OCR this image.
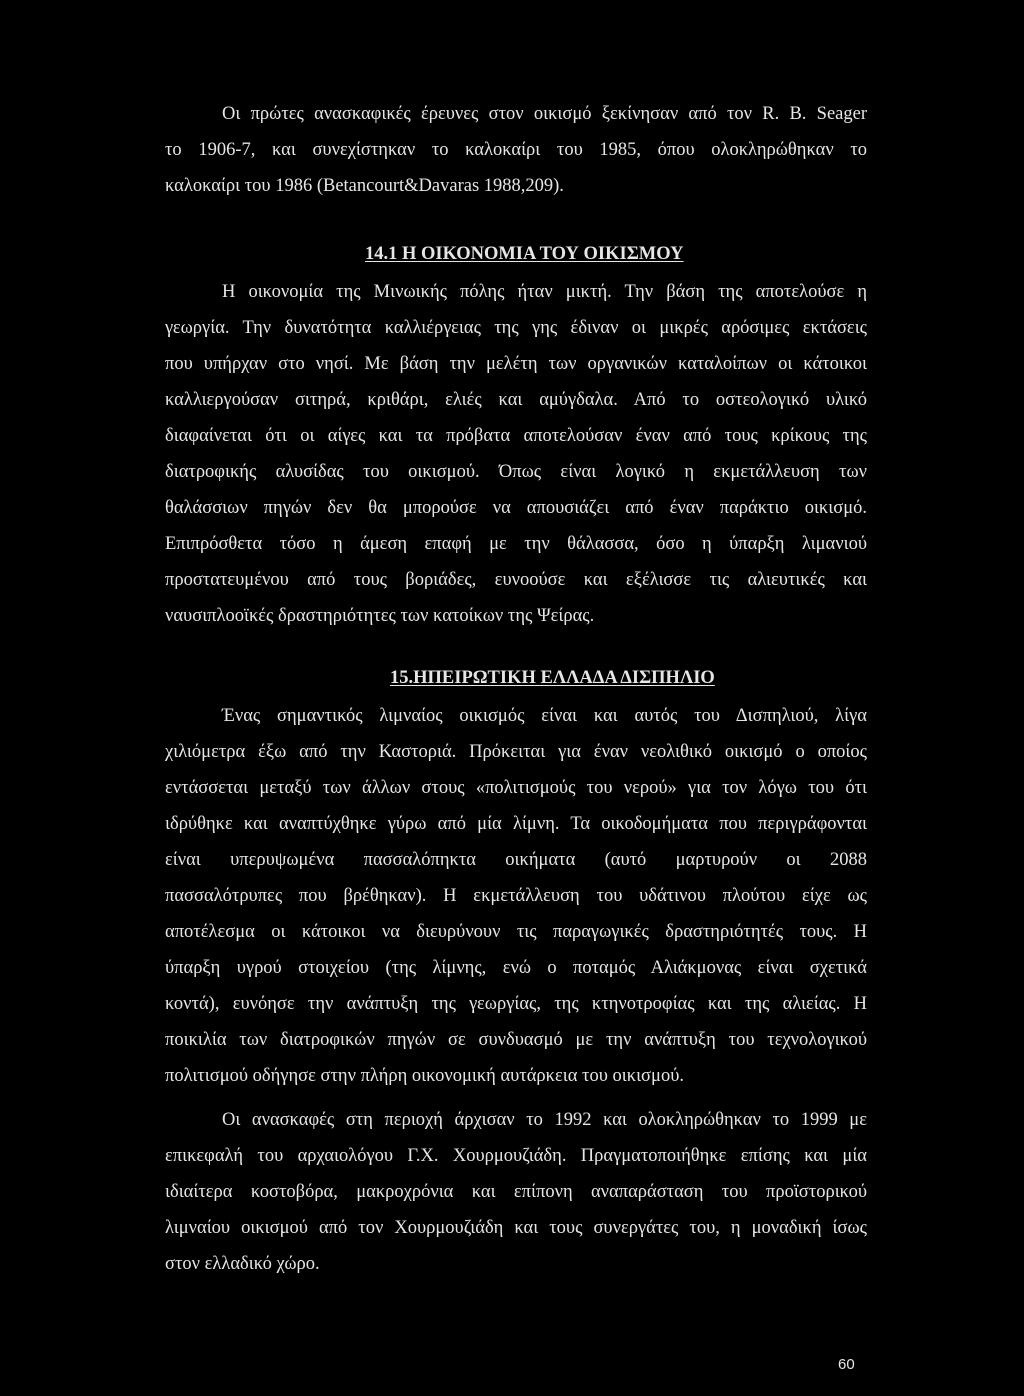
Οι πρώτες ανασκαφικές έρευνες στον οικισμό ξεκίνησαν από τον R. B. Seager
το 1906-7, και συνεχίστηκαν το καλοκαίρι του 1985, όπου ολοκληρώθηκαν το
καλοκαίρι του 1986 (Betancourt&Davaras 1988,209).
14.1 Η ΟΙΚΟΝΟΜΙΑ ΤΟΥ ΟΙΚΙΣΜΟΥ
Η οικονομία της Μινωικής πόλης ήταν μικτή. Την βάση της αποτελούσε η
γεωργία. Την δυνατότητα καλλιέργειας της γης έδιναν οι μικρές αρόσιμες εκτάσεις
που υπήρχαν στο νησί. Με βάση την μελέτη των οργανικών καταλοίπων οι κάτοικοι
καλλιεργούσαν σιτηρά, κριθάρι, ελιές και αμύγδαλα. Από το οστεολογικό υλικό
διαφαίνεται ότι οι αίγες και τα πρόβατα αποτελούσαν έναν από τους κρίκους της
διατροφικής αλυσίδας του οικισμού. Όπως είναι λογικό η εκμετάλλευση των
θαλάσσιων πηγών δεν θα μπορούσε να απουσιάζει από έναν παράκτιο οικισμό.
Επιπρόσθετα τόσο η άμεση επαφή με την θάλασσα, όσο η ύπαρξη λιμανιού
προστατευμένου από τους βοριάδες, ευνοούσε και εξέλισσε τις αλιευτικές και
ναυσιπλοοϊκές δραστηριότητες των κατοίκων της Ψείρας.
15.ΗΠΕΙΡΩΤΙΚΗ ΕΛΛΑΔΑ ΔΙΣΠΗΛΙΟ
Ένας σημαντικός λιμναίος οικισμός είναι και αυτός του Δισπηλιού, λίγα
χιλιόμετρα έξω από την Καστοριά. Πρόκειται για έναν νεολιθικό οικισμό ο οποίος
εντάσσεται μεταξύ των άλλων στους «πολιτισμούς του νερού» για τον λόγω του ότι
ιδρύθηκε και αναπτύχθηκε γύρω από μία λίμνη. Τα οικοδομήματα που περιγράφονται
είναι υπερυψωμένα πασσαλόπηκτα οικήματα (αυτό μαρτυρούν οι 2088
πασσαλότρυπες που βρέθηκαν). Η εκμετάλλευση του υδάτινου πλούτου είχε ως
αποτέλεσμα οι κάτοικοι να διευρύνουν τις παραγωγικές δραστηριότητές τους. Η
ύπαρξη υγρού στοιχείου (της λίμνης, ενώ ο ποταμός Αλιάκμονας είναι σχετικά
κοντά), ευνόησε την ανάπτυξη της γεωργίας, της κτηνοτροφίας και της αλιείας. Η
ποικιλία των διατροφικών πηγών σε συνδυασμό με την ανάπτυξη του τεχνολογικού
πολιτισμού οδήγησε στην πλήρη οικονομική αυτάρκεια του οικισμού.
Οι ανασκαφές στη περιοχή άρχισαν το 1992 και ολοκληρώθηκαν το 1999 με
επικεφαλή του αρχαιολόγου Γ.Χ. Χουρμουζιάδη. Πραγματοποιήθηκε επίσης και μία
ιδιαίτερα κοστοβόρα, μακροχρόνια και επίπονη αναπαράσταση του προϊστορικού
λιμναίου οικισμού από τον Χουρμουζιάδη και τους συνεργάτες του, η μοναδική ίσως
στον ελλαδικό χώρο.
60
